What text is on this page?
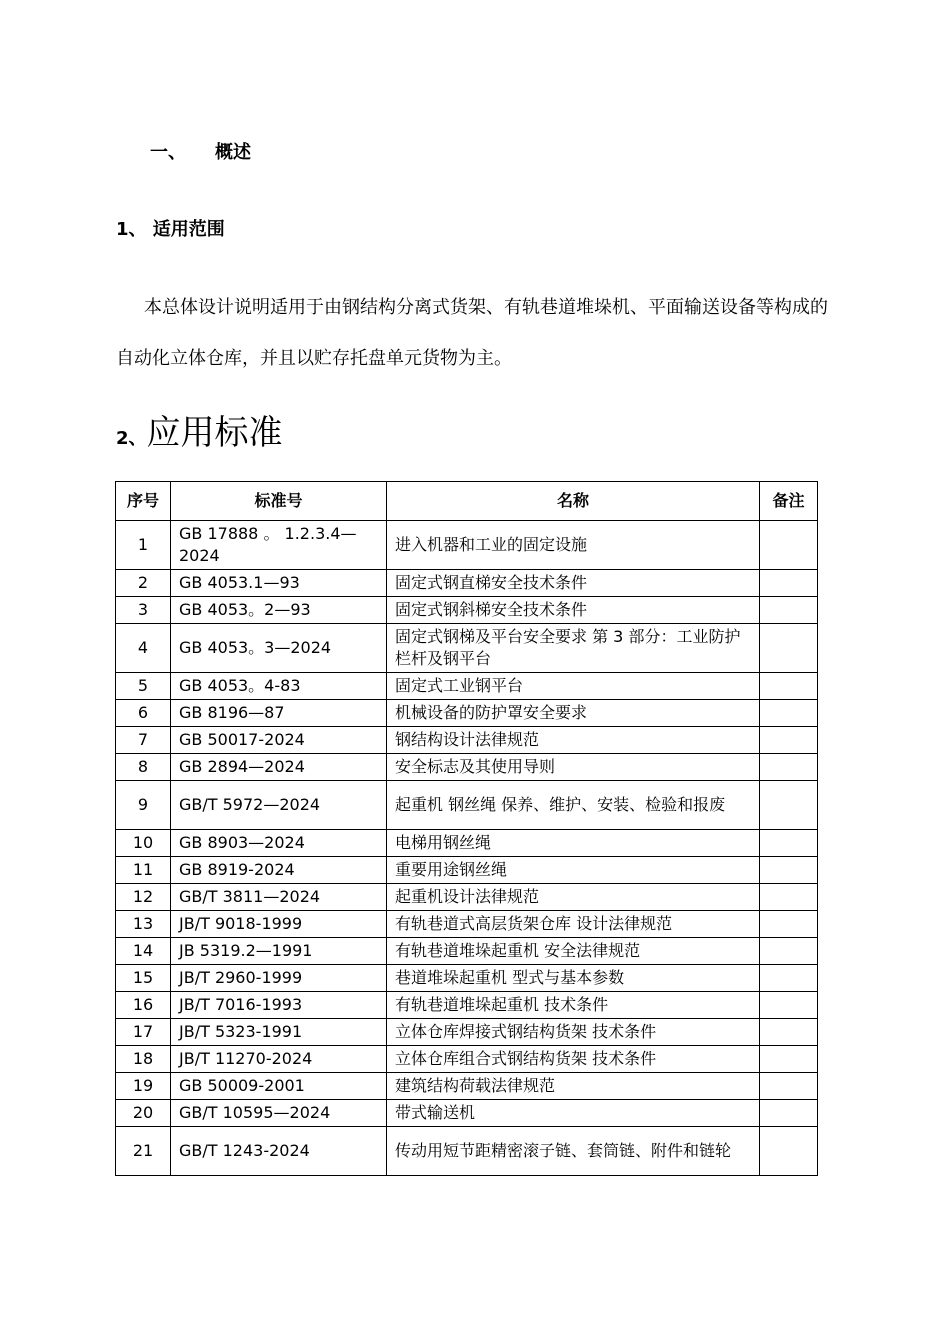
一、 概述
1、 适用范围
本总体设计说明适用于由钢结构分离式货架、有轨巷道堆垛机、平面输送设备等构成的自动化立体仓库，并且以贮存托盘单元货物为主。
2、应用标准
序号	标准号	名称	备注
1	GB 17888 。 1.2.3.4—2024	进入机器和工业的固定设施	
2	GB 4053.1—93	固定式钢直梯安全技术条件	
3	GB 4053。2—93	固定式钢斜梯安全技术条件	
4	GB 4053。3—2024	固定式钢梯及平台安全要求 第 3 部分：工业防护栏杆及钢平台	
5	GB 4053。4-83	固定式工业钢平台	
6	GB 8196—87	机械设备的防护罩安全要求	
7	GB 50017-2024	钢结构设计法律规范	
8	GB 2894—2024	安全标志及其使用导则	
9	GB/T 5972—2024	起重机 钢丝绳 保养、维护、安装、检验和报废	
10	GB 8903—2024	电梯用钢丝绳	
11	GB 8919-2024	重要用途钢丝绳	
12	GB/T 3811—2024	起重机设计法律规范	
13	JB/T 9018-1999	有轨巷道式高层货架仓库 设计法律规范	
14	JB 5319.2—1991	有轨巷道堆垛起重机 安全法律规范	
15	JB/T 2960-1999	巷道堆垛起重机 型式与基本参数	
16	JB/T 7016-1993	有轨巷道堆垛起重机 技术条件	
17	JB/T 5323-1991	立体仓库焊接式钢结构货架 技术条件	
18	JB/T 11270-2024	立体仓库组合式钢结构货架 技术条件	
19	GB 50009-2001	建筑结构荷载法律规范	
20	GB/T 10595—2024	带式输送机	
21	GB/T 1243-2024	传动用短节距精密滚子链、套筒链、附件和链轮	
